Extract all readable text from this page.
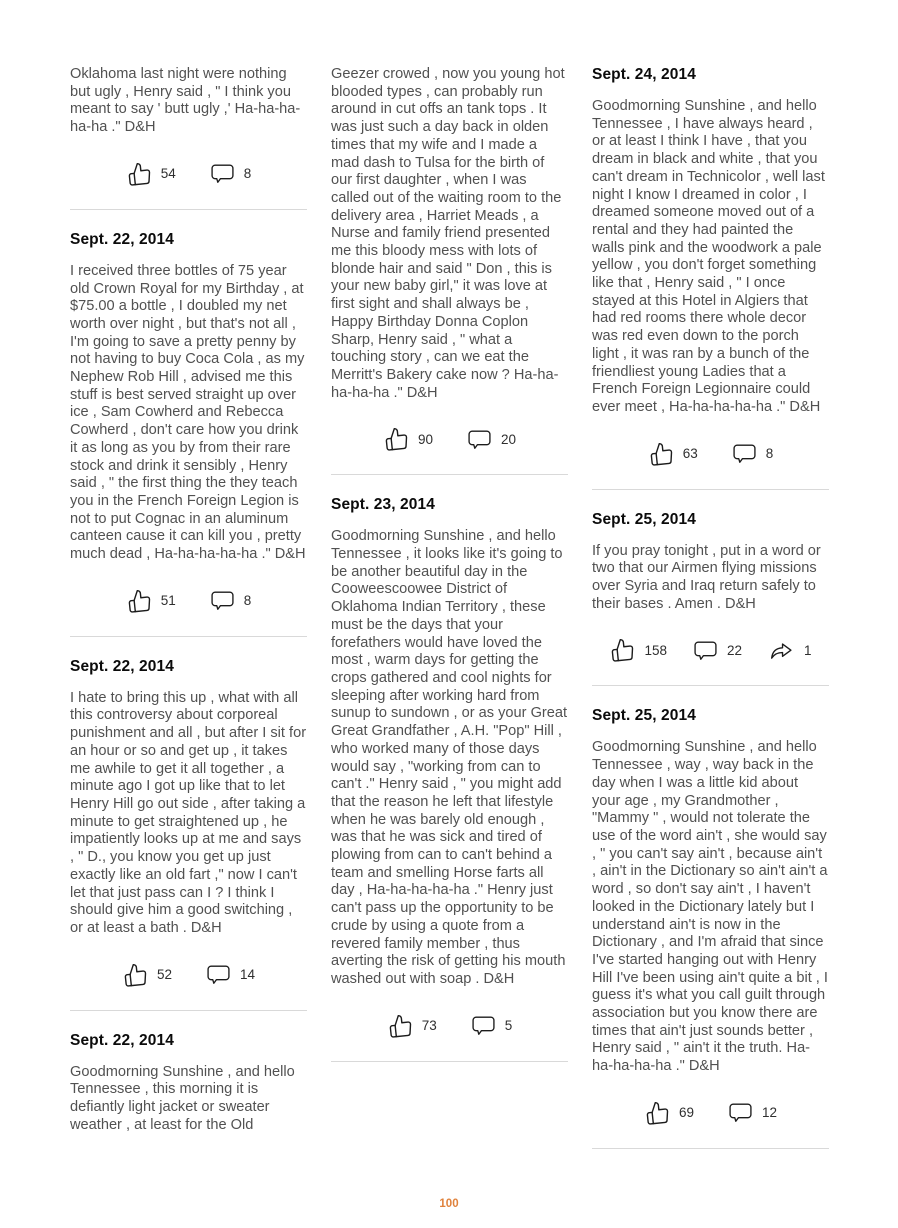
Oklahoma last night were nothing but ugly , Henry said , " I think you meant to say ' butt ugly ,' Ha-ha-ha-ha-ha ." D&H

54	8
Sept. 22, 2014

I received three bottles of 75 year old Crown Royal for my Birthday , at $75.00 a bottle , I doubled my net worth over night , but that's not all , I'm going to save a pretty penny by not having to buy Coca Cola , as my Nephew Rob Hill , advised me this stuff is best served straight up over ice , Sam Cowherd and Rebecca Cowherd , don't care how you drink it as long as you by from their rare stock and drink it sensibly , Henry said , " the first thing the they teach you in the French Foreign Legion is not to put Cognac in an aluminum canteen cause it can kill you , pretty much dead , Ha-ha-ha-ha-ha ." D&H

51	8
Sept. 22, 2014

I hate to bring this up , what with all this controversy about corporeal punishment and all , but after I sit for an hour or so and get up , it takes me awhile to get it all together , a minute ago I got up like that to let Henry Hill go out side , after taking a minute to get straightened up , he impatiently looks up at me and says , " D., you know you get up just exactly like an old fart ," now I can't let that just pass can I ? I think I should give him a good switching , or at least a bath . D&H

52	14
Sept. 22, 2014

Goodmorning Sunshine , and hello Tennessee , this morning it is defiantly light jacket or sweater weather , at least for the Old

Geezer crowed , now you young hot blooded types , can probably run around in cut offs an tank tops . It was just such a day back in olden times that my wife and I made a mad dash to Tulsa for the birth of our first daughter , when I was called out of the waiting room to the delivery area , Harriet Meads , a Nurse and family friend presented me this bloody mess with lots of blonde hair and said " Don , this is your new baby girl," it was love at first sight and shall always be , Happy Birthday Donna Coplon Sharp, Henry said , " what a touching story , can we eat the Merritt's Bakery cake now ? Ha-ha-ha-ha-ha ." D&H

90	20
Sept. 23, 2014

Goodmorning Sunshine , and hello Tennessee , it looks like it's going to be another beautiful day in the Cooweescoowee District of Oklahoma Indian Territory , these must be the days that your forefathers would have loved the most , warm days for getting the crops gathered and cool nights for sleeping after working hard from sunup to sundown , or as your Great Great Grandfather , A.H. "Pop" Hill , who worked many of those days would say , "working from can to can't ." Henry said , " you might add that the reason he left that lifestyle when he was barely old enough , was that he was sick and tired of plowing from can to can't behind a team and smelling Horse farts all day , Ha-ha-ha-ha-ha ." Henry just can't pass up the opportunity to be crude by using a quote from a revered family member , thus averting the risk of getting his mouth washed out with soap . D&H

73	5
Sept. 24, 2014

Goodmorning Sunshine , and hello Tennessee , I have always heard , or at least I think I have , that you dream in black and white , that you can't dream in Technicolor , well last night I know I dreamed in color , I dreamed someone moved out of a rental and they had painted the walls pink and the woodwork a pale yellow , you don't forget something like that , Henry said , " I once stayed at this Hotel in Algiers that had red rooms there whole decor was red even down to the porch light , it was ran by a bunch of the friendliest young Ladies that a French Foreign Legionnaire could ever meet , Ha-ha-ha-ha-ha ." D&H

63	8
Sept. 25, 2014

If you pray tonight , put in a word or two that our Airmen flying missions over Syria and Iraq return safely to their bases . Amen . D&H

158	22	1
Sept. 25, 2014

Goodmorning Sunshine , and hello Tennessee , way , way back in the day when I was a little kid about your age , my Grandmother , "Mammy " , would not tolerate the use of the word ain't , she would say , " you can't say ain't , because ain't , ain't in the Dictionary so ain't ain't a word , so don't say ain't , I haven't looked in the Dictionary lately but I understand ain't is now in the Dictionary , and I'm afraid that since I've started hanging out with Henry Hill I've been using ain't quite a bit , I guess it's what you call guilt through association but you know there are times that ain't just sounds better , Henry said , " ain't it the truth. Ha-ha-ha-ha-ha ." D&H

69	12
100
